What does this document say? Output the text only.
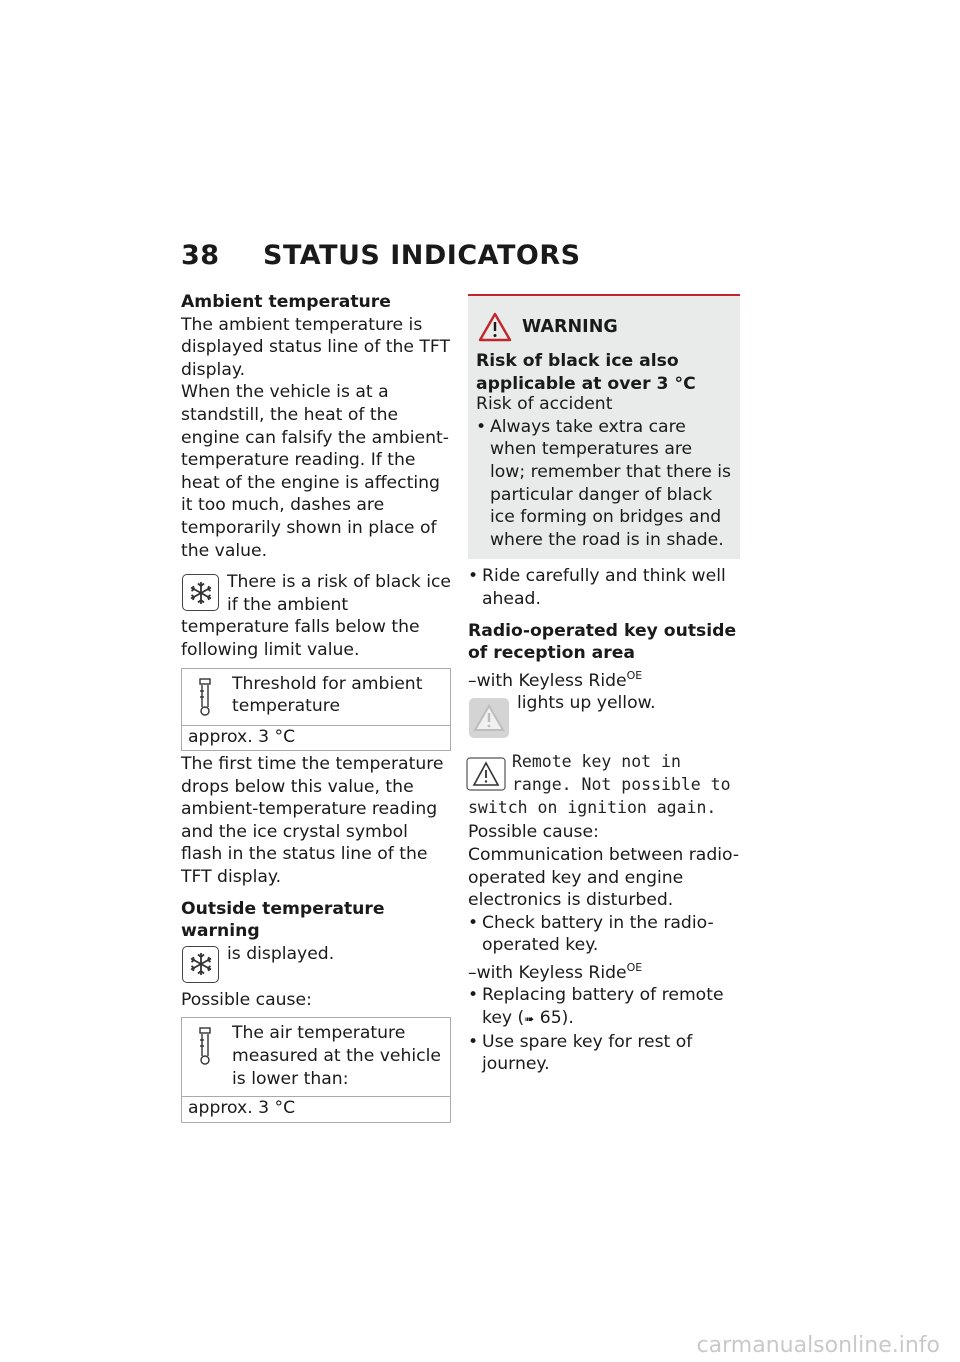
38 STATUS INDICATORS

Ambient temperature

The ambient temperature is displayed status line of the TFT display.

When the vehicle is at a standstill, the heat of the engine can falsify the ambient-temperature reading. If the heat of the engine is affecting it too much, dashes are temporarily shown in place of the value.

There is a risk of black ice if the ambient temperature falls below the following limit value.

Threshold for ambient temperature
approx. 3 °C

The first time the temperature drops below this value, the ambient-temperature reading and the ice crystal symbol flash in the status line of the TFT display.

Outside temperature warning

is displayed.

Possible cause:

The air temperature measured at the vehicle is lower than:
approx. 3 °C
WARNING

Risk of black ice also applicable at over 3 °C

Risk of accident

• Always take extra care when temperatures are low; remember that there is particular danger of black ice forming on bridges and where the road is in shade.

• Ride carefully and think well ahead.

Radio-operated key outside of reception area

–with Keyless Ride$^{OE}$

lights up yellow.

Remote key not in range. Not possible to switch on ignition again.

Possible cause:

Communication between radio-operated key and engine electronics is disturbed.

• Check battery in the radio-operated key.

–with Keyless Ride$^{OE}$

• Replacing battery of remote key (➠ 65).

• Use spare key for rest of journey.

carmanualsonline.info
